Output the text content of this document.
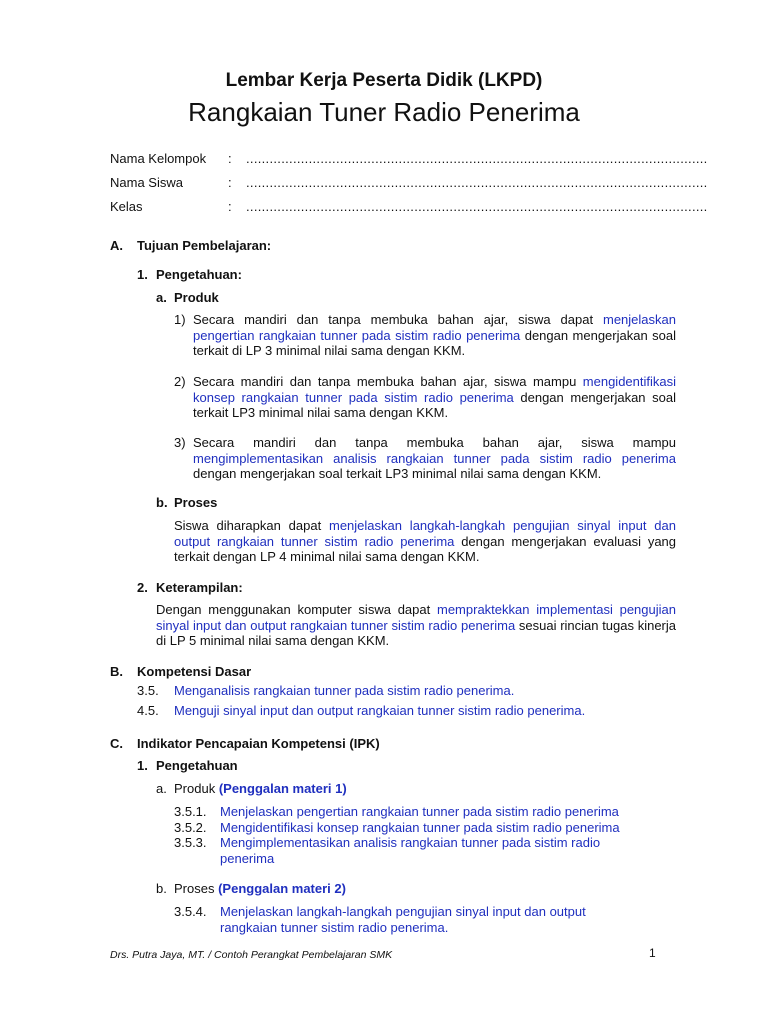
Lembar Kerja Peserta Didik (LKPD)
Rangkaian Tuner Radio Penerima
Nama Kelompok : ......................................................................................................................
Nama Siswa	: ......................................................................................................................
Kelas	: ......................................................................................................................
A. Tujuan Pembelajaran:
1. Pengetahuan:
a. Produk
1) Secara mandiri dan tanpa membuka bahan ajar, siswa dapat menjelaskan pengertian rangkaian tunner pada sistim radio penerima dengan mengerjakan soal terkait di LP 3 minimal nilai sama dengan KKM.
2) Secara mandiri dan tanpa membuka bahan ajar, siswa mampu mengidentifikasi konsep rangkaian tunner pada sistim radio penerima dengan mengerjakan soal terkait LP3 minimal nilai sama dengan KKM.
3) Secara mandiri dan tanpa membuka bahan ajar, siswa mampu mengimplementasikan analisis rangkaian tunner pada sistim radio penerima dengan mengerjakan soal terkait LP3 minimal nilai sama dengan KKM.
b. Proses
Siswa diharapkan dapat menjelaskan langkah-langkah pengujian sinyal input dan output rangkaian tunner sistim radio penerima dengan mengerjakan evaluasi yang terkait dengan LP 4 minimal nilai sama dengan KKM.
2. Keterampilan:
Dengan menggunakan komputer siswa dapat mempraktekkan implementasi pengujian sinyal input dan output rangkaian tunner sistim radio penerima sesuai rincian tugas kinerja di LP 5 minimal nilai sama dengan KKM.
B. Kompetensi Dasar
3.5. Menganalisis rangkaian tunner pada sistim radio penerima.
4.5. Menguji sinyal input dan output rangkaian tunner sistim radio penerima.
C. Indikator Pencapaian Kompetensi (IPK)
1. Pengetahuan
a. Produk (Penggalan materi 1)
3.5.1. Menjelaskan pengertian rangkaian tunner pada sistim radio penerima
3.5.2. Mengidentifikasi konsep rangkaian tunner pada sistim radio penerima
3.5.3. Mengimplementasikan analisis rangkaian tunner pada sistim radio penerima
b. Proses (Penggalan materi 2)
3.5.4. Menjelaskan langkah-langkah pengujian sinyal input dan output rangkaian tunner sistim radio penerima.
Drs. Putra Jaya, MT. / Contoh Perangkat Pembelajaran SMK	1
